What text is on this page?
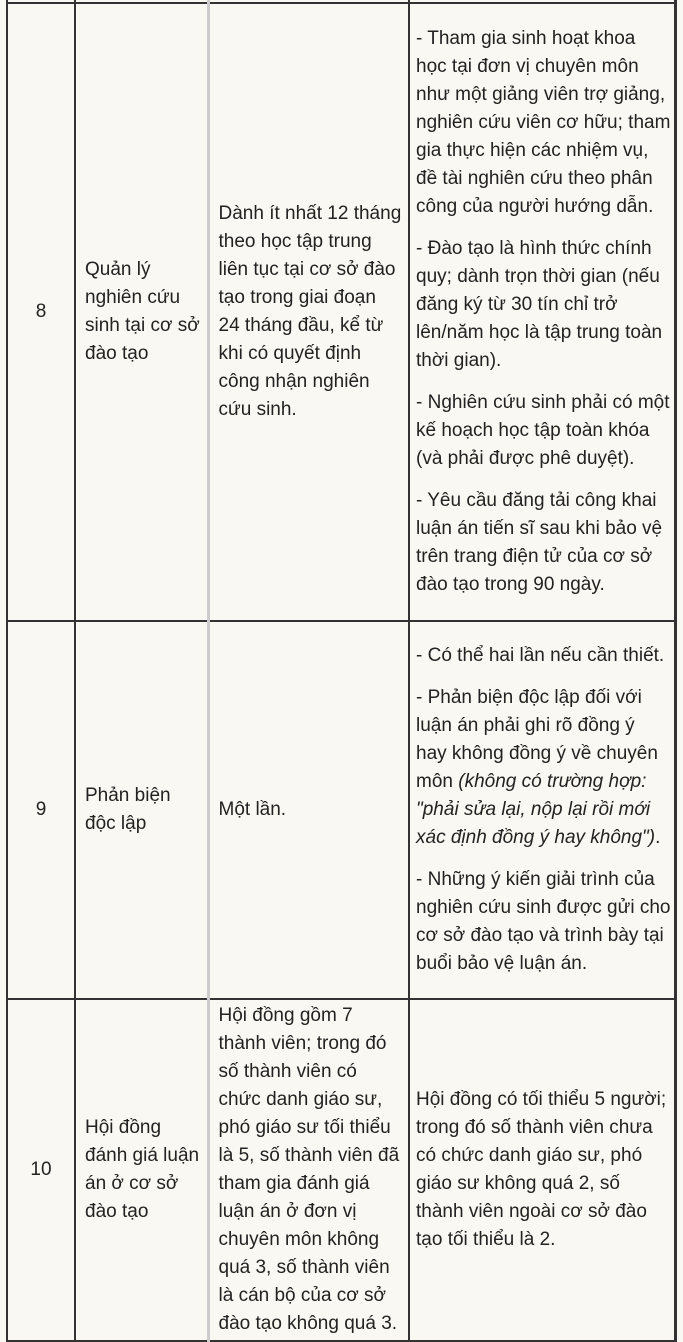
8	Quản lý nghiên cứu sinh tại cơ sở đào tạo	Dành ít nhất 12 tháng theo học tập trung liên tục tại cơ sở đào tạo trong giai đoạn 24 tháng đầu, kể từ khi có quyết định công nhận nghiên cứu sinh.	- Tham gia sinh hoạt khoa học tại đơn vị chuyên môn như một giảng viên trợ giảng, nghiên cứu viên cơ hữu; tham gia thực hiện các nhiệm vụ, đề tài nghiên cứu theo phân công của người hướng dẫn.

- Đào tạo là hình thức chính quy; dành trọn thời gian (nếu đăng ký từ 30 tín chỉ trở lên/năm học là tập trung toàn thời gian).

- Nghiên cứu sinh phải có một kế hoạch học tập toàn khóa (và phải được phê duyệt).

- Yêu cầu đăng tải công khai luận án tiến sĩ sau khi bảo vệ trên trang điện tử của cơ sở đào tạo trong 90 ngày.

9	Phản biện độc lập	Một lần.	- Có thể hai lần nếu cần thiết.

- Phản biện độc lập đối với luận án phải ghi rõ đồng ý hay không đồng ý về chuyên môn (không có trường hợp: "phải sửa lại, nộp lại rồi mới xác định đồng ý hay không").

- Những ý kiến giải trình của nghiên cứu sinh được gửi cho cơ sở đào tạo và trình bày tại buổi bảo vệ luận án.

10	Hội đồng đánh giá luận án ở cơ sở đào tạo	Hội đồng gồm 7 thành viên; trong đó số thành viên có chức danh giáo sư, phó giáo sư tối thiểu là 5, số thành viên đã tham gia đánh giá luận án ở đơn vị chuyên môn không quá 3, số thành viên là cán bộ của cơ sở đào tạo không quá 3.	Hội đồng có tối thiểu 5 người; trong đó số thành viên chưa có chức danh giáo sư, phó giáo sư không quá 2, số thành viên ngoài cơ sở đào tạo tối thiểu là 2.
